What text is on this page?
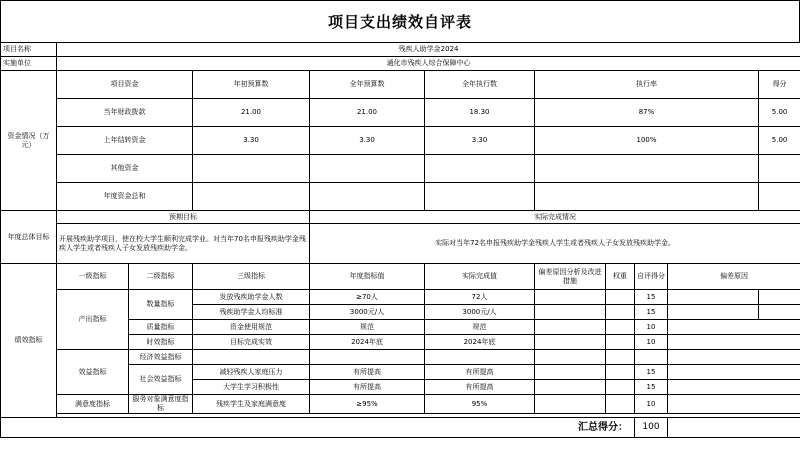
项目支出绩效自评表
项目名称	残疾人助学金2024									
实施单位	通化市残疾人综合保障中心									
资金情况（万元）	项目资金		年初预算数	全年预算数	全年执行数	执行率				得分
	当年财政拨款		21.00	21.00	18.30	87%				5.00
	上年结转资金		3.30	3.30	3.30	100%				5.00
	其他资金									
	年度资金总和									
年度总体目标	预期目标			实际完成情况						
	开展残疾助学项目，使在校大学生顺利完成学业。对当年70名申报残疾助学金残疾人学生或者残疾人子女发放残疾助学金。			实际对当年72名申报残疾助学金残疾人学生或者残疾人子女发放残疾助学金。						
绩效指标	一级指标	二级指标	三级指标	年度指标值	实际完成值	偏差原因分析及改进措施	权重	自评得分	偏差原因	
	产出指标	数量指标	发放残疾助学金人数	≥70人	72人			15		
			残疾助学金人均标准	3000元/人	3000元/人			15		
		质量指标	资金使用规范	规范	规范			10		
		时效指标	目标完成实效	2024年底	2024年底			10		
	效益指标	经济效益指标								
		社会效益指标	减轻残疾人家庭压力	有所提高	有所提高			15		
			大学生学习积极性	有所提高	有所提高			15		
	满意度指标	服务对象满意度指标	残疾学生及家庭满意度	≥95%	95%			10		

汇总得分：								100		
